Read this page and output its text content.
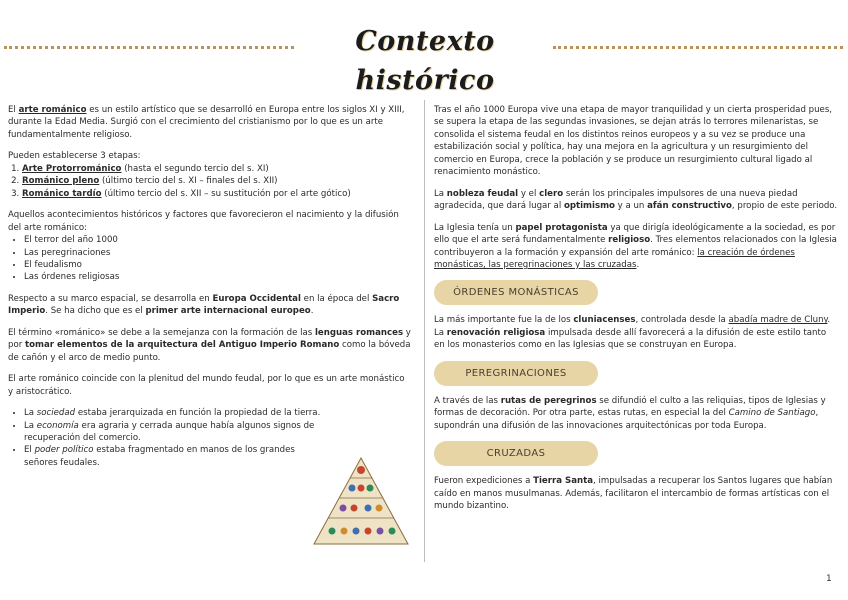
Contexto histórico

El arte románico es un estilo artístico que se desarrolló en Europa entre los siglos XI y XIII, durante la Edad Media. Surgió con el crecimiento del cristianismo por lo que es un arte fundamentalmente religioso.

Pueden establecerse 3 etapas:
1. Arte Protorrománico (hasta el segundo tercio del s. XI)
2. Románico pleno (último tercio del s. XI – finales del s. XII)
3. Románico tardío (último tercio del s. XII – su sustitución por el arte gótico)
Aquellos acontecimientos históricos y factores que favorecieron el nacimiento y la difusión del arte románico:
• El terror del año 1000
• Las peregrinaciones
• El feudalismo
• Las órdenes religiosas

Respecto a su marco espacial, se desarrolla en Europa Occidental en la época del Sacro Imperio. Se ha dicho que es el primer arte internacional europeo.

El término «románico» se debe a la semejanza con la formación de las lenguas romances y por tomar elementos de la arquitectura del Antiguo Imperio Romano como la bóveda de cañón y el arco de medio punto.

El arte románico coincide con la plenitud del mundo feudal, por lo que es un arte monástico y aristocrático.

• La sociedad estaba jerarquizada en función la propiedad de la tierra.
• La economía era agraria y cerrada aunque había algunos signos de recuperación del comercio.
• El poder político estaba fragmentado en manos de los grandes señores feudales.

Tras el año 1000 Europa vive una etapa de mayor tranquilidad y un cierta prosperidad pues, se supera la etapa de las segundas invasiones, se dejan atrás lo terrores milenaristas, se consolida el sistema feudal en los distintos reinos europeos y a su vez se produce una estabilización social y política, hay una mejora en la agricultura y un resurgimiento del comercio en Europa, crece la población y se produce un resurgimiento cultural ligado al renacimiento monástico.

La nobleza feudal y el clero serán los principales impulsores de una nueva piedad agradecida, que dará lugar al optimismo y a un afán constructivo, propio de este periodo.

La Iglesia tenía un papel protagonista ya que dirigía ideológicamente a la sociedad, es por ello que el arte será fundamentalmente religioso. Tres elementos relacionados con la Iglesia contribuyeron a la formación y expansión del arte románico: la creación de órdenes monásticas, las peregrinaciones y las cruzadas.

ÓRDENES MONÁSTICAS

La más importante fue la de los cluniacenses, controlada desde la abadía madre de Cluny. La renovación religiosa impulsada desde allí favorecerá a la difusión de este estilo tanto en los monasterios como en las Iglesias que se construyan en Europa.

PEREGRINACIONES

A través de las rutas de peregrinos se difundió el culto a las reliquias, tipos de Iglesias y formas de decoración. Por otra parte, estas rutas, en especial la del Camino de Santiago, supondrán una difusión de las innovaciones arquitectónicas por toda Europa.

CRUZADAS

Fueron expediciones a Tierra Santa, impulsadas a recuperar los Santos lugares que habían caído en manos musulmanas. Además, facilitaron el intercambio de formas artísticas con el mundo bizantino.

1
